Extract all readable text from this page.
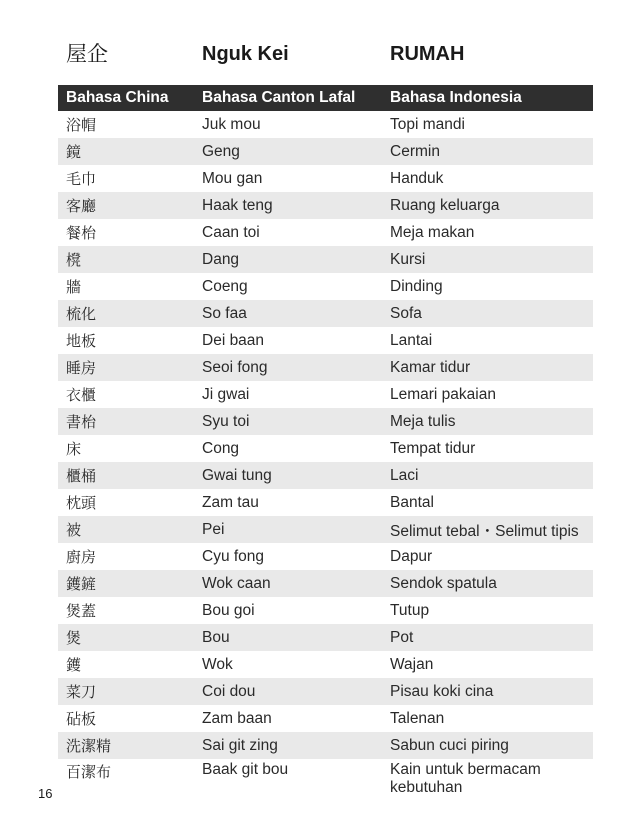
屋企	Nguk Kei	RUMAH
Bahasa China	Bahasa Canton Lafal	Bahasa Indonesia
浴帽	Juk mou	Topi mandi
鏡	Geng	Cermin
毛巾	Mou gan	Handuk
客廳	Haak teng	Ruang keluarga
餐枱	Caan toi	Meja makan
櫈	Dang	Kursi
牆	Coeng	Dinding
梳化	So faa	Sofa
地板	Dei baan	Lantai
睡房	Seoi fong	Kamar tidur
衣櫃	Ji gwai	Lemari pakaian
書枱	Syu toi	Meja tulis
床	Cong	Tempat tidur
櫃桶	Gwai tung	Laci
枕頭	Zam tau	Bantal
被	Pei	Selimut tebal・Selimut tipis
廚房	Cyu fong	Dapur
鑊鏟	Wok caan	Sendok spatula
煲蓋	Bou goi	Tutup
煲	Bou	Pot
鑊	Wok	Wajan
菜刀	Coi dou	Pisau koki cina
砧板	Zam baan	Talenan
洗潔精	Sai git zing	Sabun cuci piring
百潔布	Baak git bou	Kain untuk bermacam kebutuhan
16
